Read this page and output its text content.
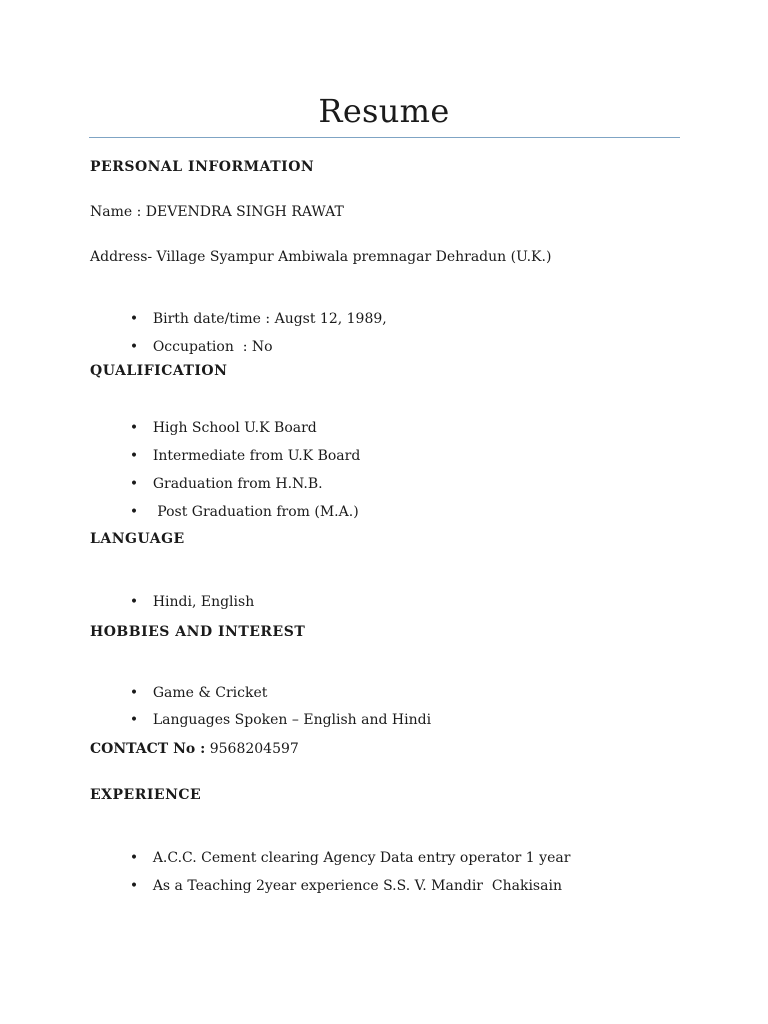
Resume
PERSONAL INFORMATION
Name : DEVENDRA SINGH RAWAT
Address- Village Syampur Ambiwala premnagar Dehradun (U.K.)

• Birth date/time : Augst 12, 1989,

• Occupation  : No

QUALIFICATION

• High School U.K Board

• Intermediate from U.K Board

• Graduation from H.N.B.

• Post Graduation from (M.A.)

LANGUAGE

• Hindi, English

HOBBIES AND INTEREST

• Game & Cricket

• Languages Spoken – English and Hindi

CONTACT No : 9568204597
EXPERIENCE

• A.C.C. Cement clearing Agency Data entry operator 1 year

• As a Teaching 2year experience S.S. V. Mandir  Chakisain
